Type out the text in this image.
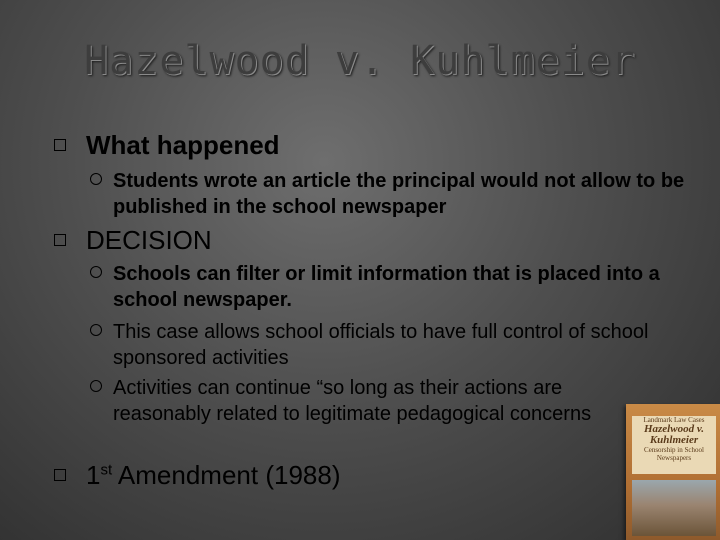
Hazelwood v. Kuhlmeier
What happened
Students wrote an article the principal would not allow to be published in the school newspaper
DECISION
Schools can filter or limit information that is placed into a school newspaper.
This case allows school officials to have full control of school sponsored activities
Activities can continue “so long as their actions are reasonably related to legitimate pedagogical concerns
1st Amendment (1988)
Landmark Law Cases
Hazelwood v. Kuhlmeier
Censorship in School Newspapers
